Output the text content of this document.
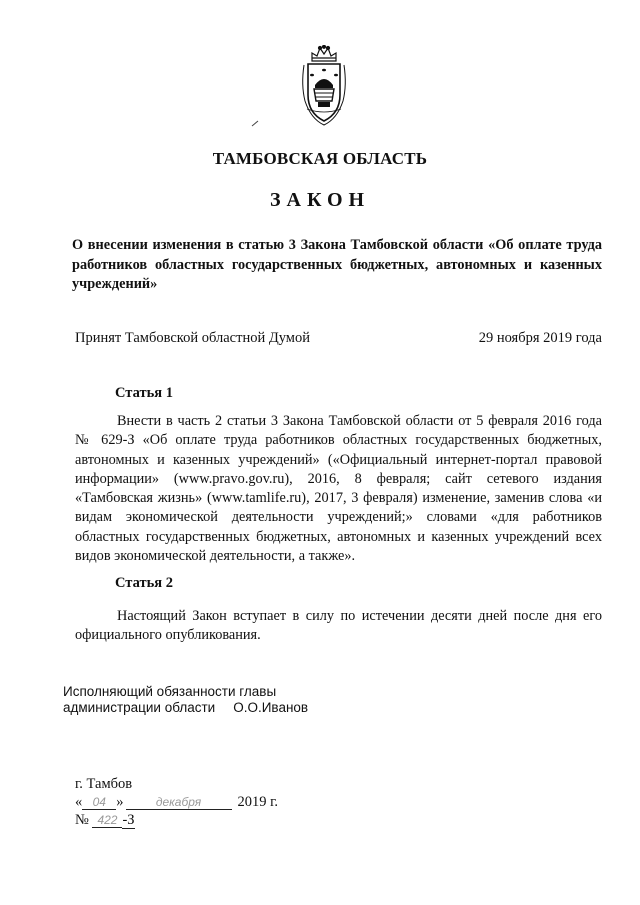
ТАМБОВСКАЯ ОБЛАСТЬ
ЗАКОН
О внесении изменения в статью 3 Закона Тамбовской области «Об оплате труда работников областных государственных бюджетных, автономных и казенных учреждений»
Принят Тамбовской областной Думой	29 ноября 2019 года
Статья 1
Внести в часть 2 статьи 3 Закона Тамбовской области от 5 февраля 2016 года № 629-З «Об оплате труда работников областных государственных бюджетных, автономных и казенных учреждений» («Официальный интернет-портал правовой информации» (www.pravo.gov.ru), 2016, 8 февраля; сайт сетевого издания «Тамбовская жизнь» (www.tamlife.ru), 2017, 3 февраля) изменение, заменив слова «и видам экономической деятельности учреждений;» словами «для работников областных государственных бюджетных, автономных и казенных учреждений всех видов экономической деятельности, а также».
Статья 2
Настоящий Закон вступает в силу по истечении десяти дней после дня его официального опубликования.
Исполняющий обязанности главы
администрации области О.О.Иванов
г. Тамбов
« 04 »	декабря	2019 г.
№ 422 -З
